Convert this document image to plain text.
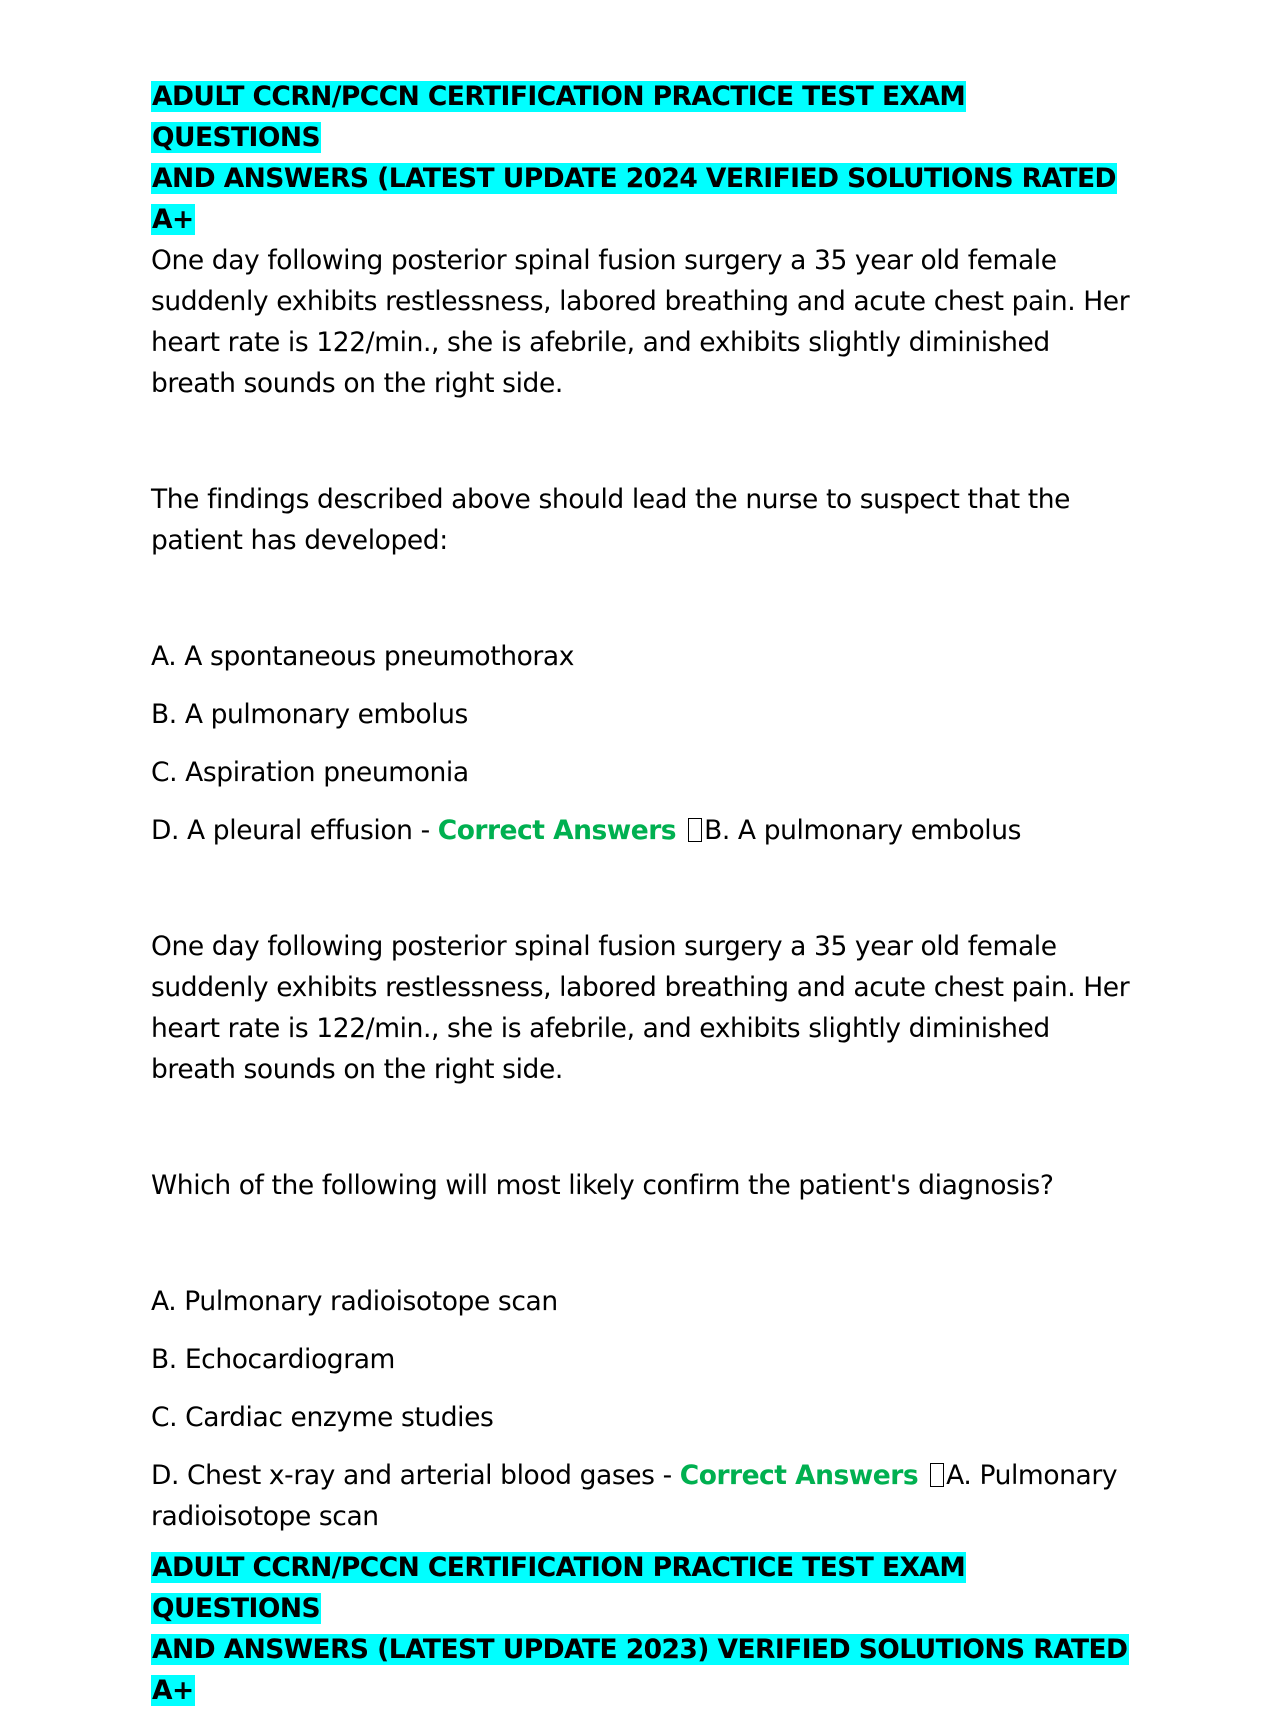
ADULT CCRN/PCCN CERTIFICATION PRACTICE TEST EXAM QUESTIONS
AND ANSWERS (LATEST UPDATE 2024 VERIFIED SOLUTIONS RATED A+

One day following posterior spinal fusion surgery a 35 year old female suddenly exhibits restlessness, labored breathing and acute chest pain. Her heart rate is 122/min., she is afebrile, and exhibits slightly diminished breath sounds on the right side.

The findings described above should lead the nurse to suspect that the patient has developed:

A. A spontaneous pneumothorax

B. A pulmonary embolus

C. Aspiration pneumonia

D. A pleural effusion - Correct Answers B. A pulmonary embolus

One day following posterior spinal fusion surgery a 35 year old female suddenly exhibits restlessness, labored breathing and acute chest pain. Her heart rate is 122/min., she is afebrile, and exhibits slightly diminished breath sounds on the right side.

Which of the following will most likely confirm the patient's diagnosis?

A. Pulmonary radioisotope scan

B. Echocardiogram

C. Cardiac enzyme studies

D. Chest x-ray and arterial blood gases - Correct Answers A. Pulmonary radioisotope scan

ADULT CCRN/PCCN CERTIFICATION PRACTICE TEST EXAM QUESTIONS
AND ANSWERS (LATEST UPDATE 2023) VERIFIED SOLUTIONS RATED A+
